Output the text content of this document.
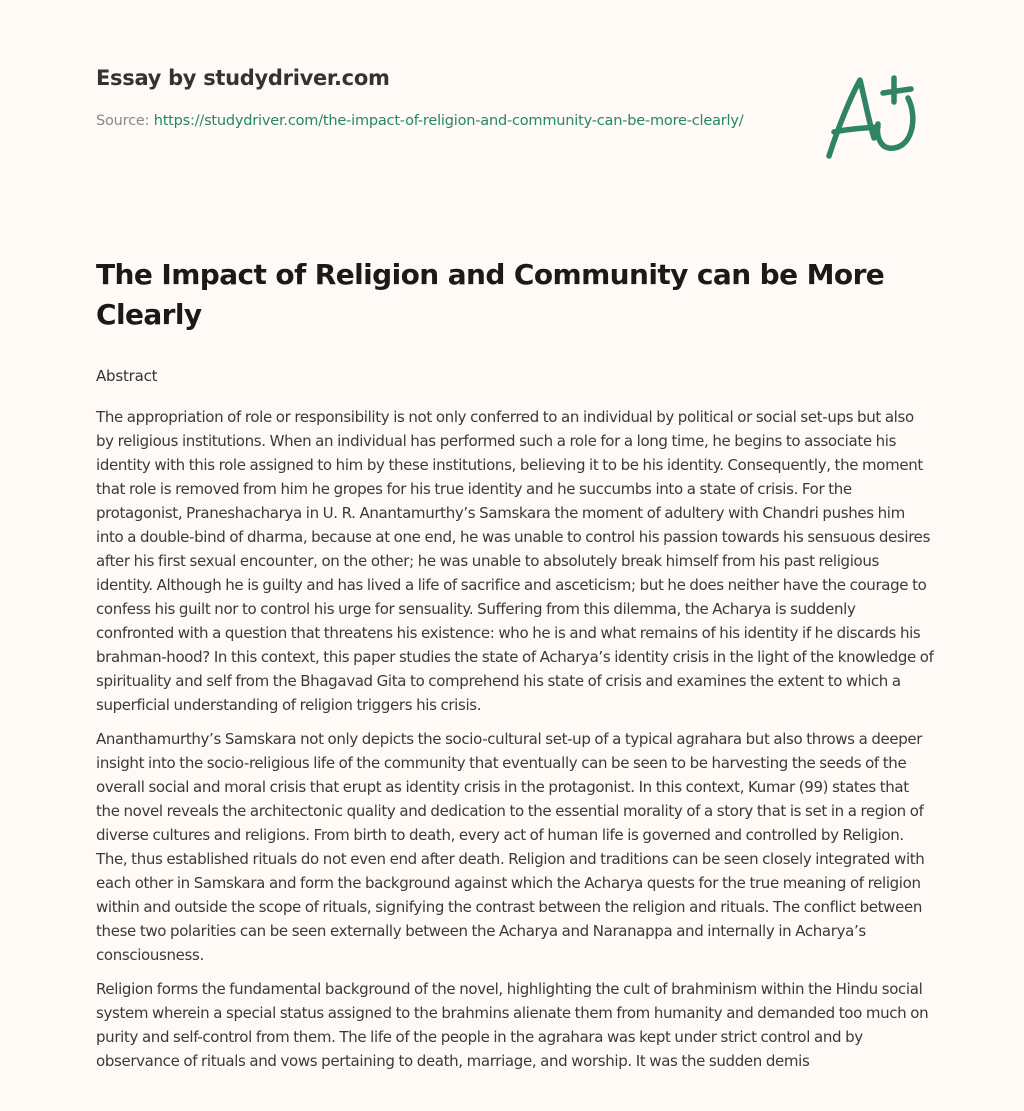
Essay by studydriver.com
Source: https://studydriver.com/the-impact-of-religion-and-community-can-be-more-clearly/
The Impact of Religion and Community can be More Clearly
Abstract

The appropriation of role or responsibility is not only conferred to an individual by political or social set-ups but also by religious institutions. When an individual has performed such a role for a long time, he begins to associate his identity with this role assigned to him by these institutions, believing it to be his identity. Consequently, the moment that role is removed from him he gropes for his true identity and he succumbs into a state of crisis. For the protagonist, Praneshacharya in U. R. Anantamurthy’s Samskara the moment of adultery with Chandri pushes him into a double-bind of dharma, because at one end, he was unable to control his passion towards his sensuous desires after his first sexual encounter, on the other; he was unable to absolutely break himself from his past religious identity. Although he is guilty and has lived a life of sacrifice and asceticism; but he does neither have the courage to confess his guilt nor to control his urge for sensuality. Suffering from this dilemma, the Acharya is suddenly confronted with a question that threatens his existence: who he is and what remains of his identity if he discards his brahman-hood? In this context, this paper studies the state of Acharya’s identity crisis in the light of the knowledge of spirituality and self from the Bhagavad Gita to comprehend his state of crisis and examines the extent to which a superficial understanding of religion triggers his crisis.

Ananthamurthy’s Samskara not only depicts the socio-cultural set-up of a typical agrahara but also throws a deeper insight into the socio-religious life of the community that eventually can be seen to be harvesting the seeds of the overall social and moral crisis that erupt as identity crisis in the protagonist. In this context, Kumar (99) states that the novel reveals the architectonic quality and dedication to the essential morality of a story that is set in a region of diverse cultures and religions. From birth to death, every act of human life is governed and controlled by Religion. The, thus established rituals do not even end after death. Religion and traditions can be seen closely integrated with each other in Samskara and form the background against which the Acharya quests for the true meaning of religion within and outside the scope of rituals, signifying the contrast between the religion and rituals. The conflict between these two polarities can be seen externally between the Acharya and Naranappa and internally in Acharya’s consciousness.

Religion forms the fundamental background of the novel, highlighting the cult of brahminism within the Hindu social system wherein a special status assigned to the brahmins alienate them from humanity and demanded too much on purity and self-control from them. The life of the people in the agrahara was kept under strict control and by observance of rituals and vows pertaining to death, marriage, and worship. It was the sudden demis
